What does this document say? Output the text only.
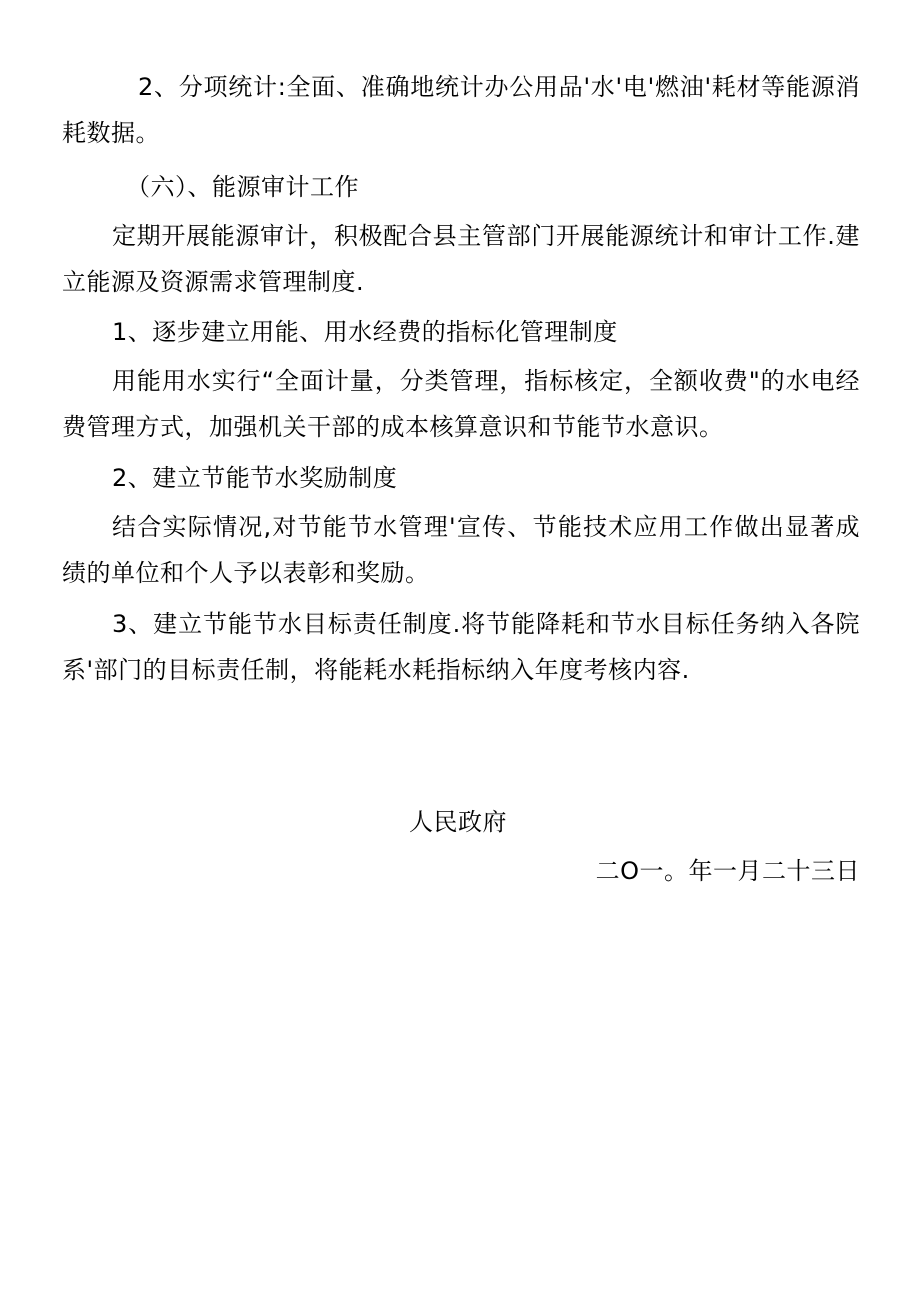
2、分项统计:全面、准确地统计办公用品'水'电'燃油'耗材等能源消耗数据。

（六）、能源审计工作

定期开展能源审计，积极配合县主管部门开展能源统计和审计工作.建立能源及资源需求管理制度.

1、逐步建立用能、用水经费的指标化管理制度

用能用水实行“全面计量，分类管理，指标核定，全额收费"的水电经费管理方式，加强机关干部的成本核算意识和节能节水意识。

2、建立节能节水奖励制度

结合实际情况,对节能节水管理'宣传、节能技术应用工作做出显著成绩的单位和个人予以表彰和奖励。

3、建立节能节水目标责任制度.将节能降耗和节水目标任务纳入各院系'部门的目标责任制，将能耗水耗指标纳入年度考核内容.

人民政府

二O一。年一月二十三日
